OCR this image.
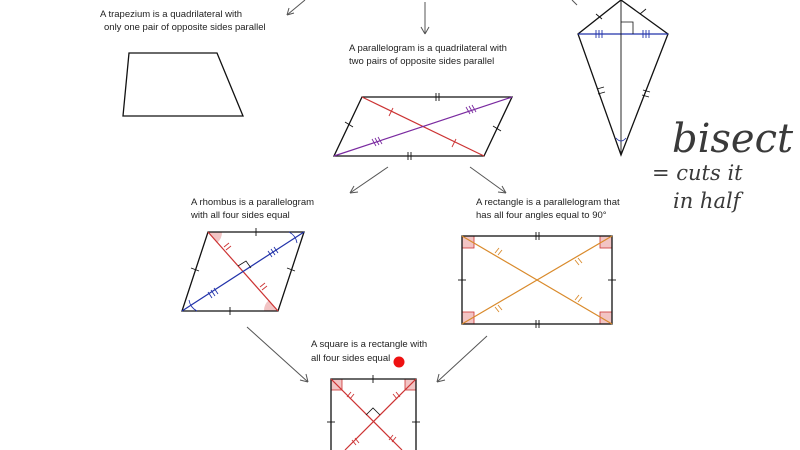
A trapezium is a quadrilateral with
only one pair of opposite sides parallel
bisect
= cuts it
in half
A parallelogram is a quadrilateral with
two pairs of opposite sides parallel
A rhombus is a parallelogram
with all four sides equal
A rectangle is a parallelogram that
has all four angles equal to 90°
A square is a rectangle with
all four sides equal
